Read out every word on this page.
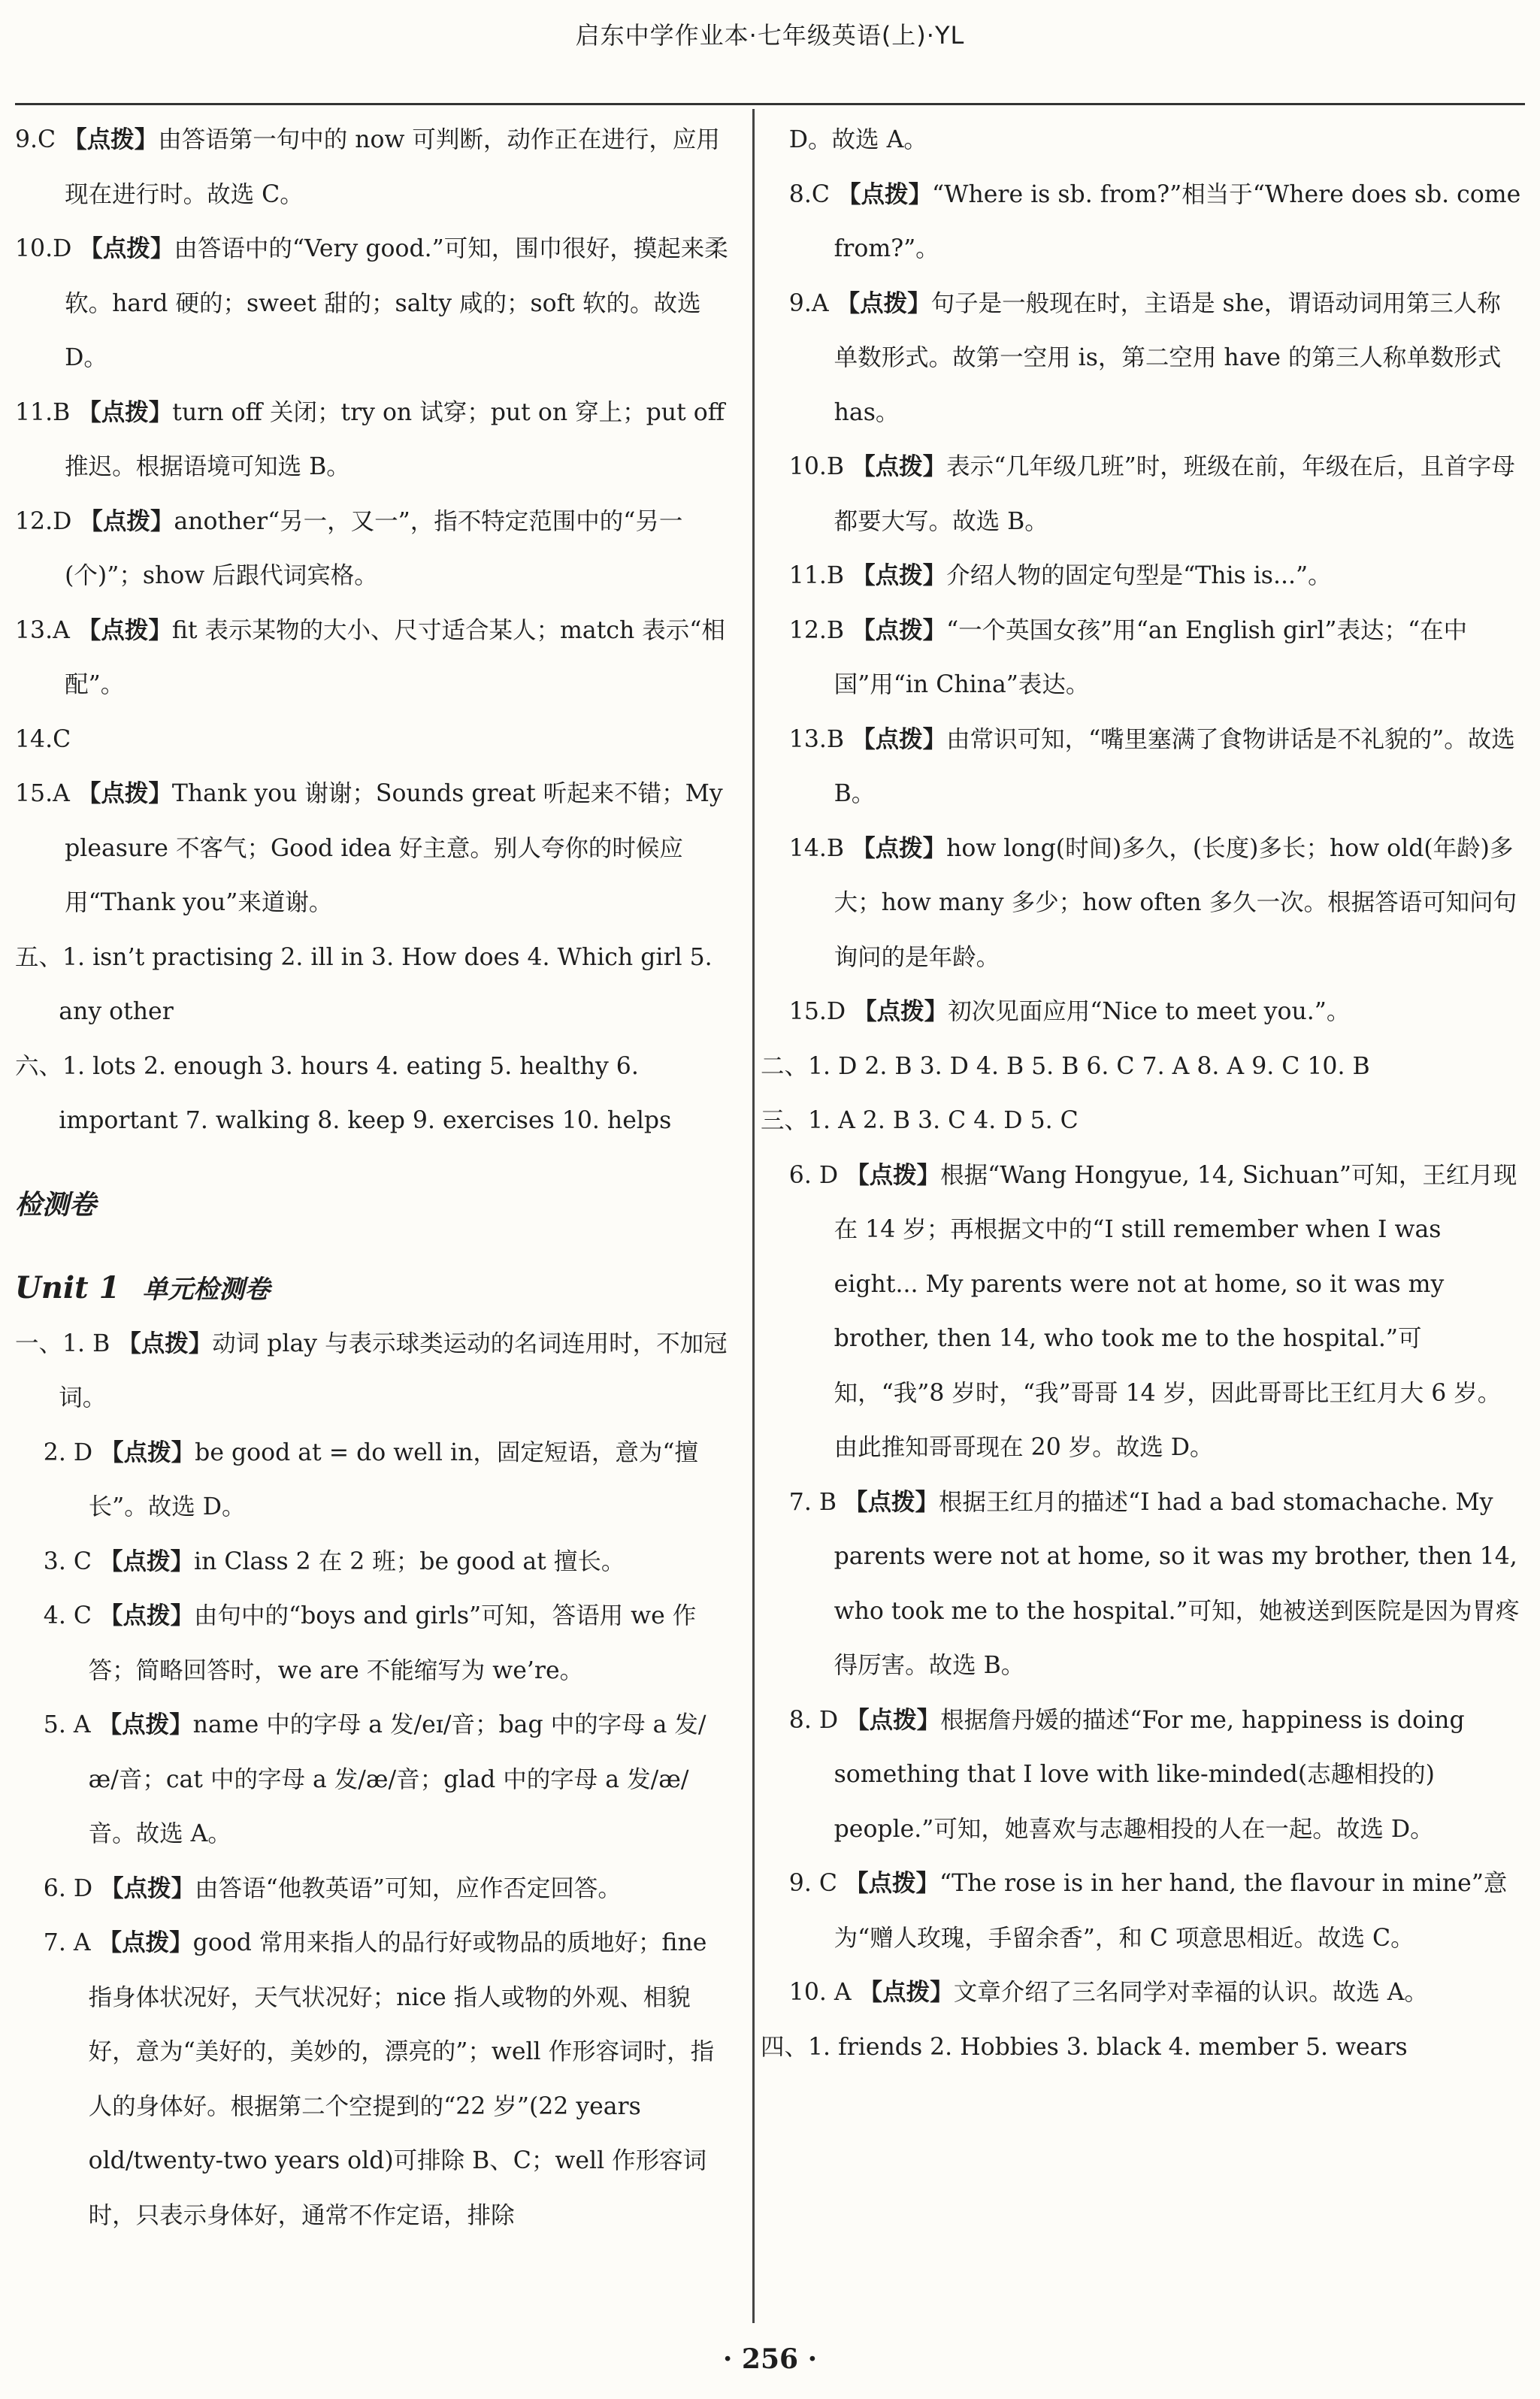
启东中学作业本·七年级英语(上)·YL

9.C 【点拨】由答语第一句中的 now 可判断，动作正在进行，应用现在进行时。故选 C。

10.D 【点拨】由答语中的“Very good.”可知，围巾很好，摸起来柔软。hard 硬的；sweet 甜的；salty 咸的；soft 软的。故选 D。

11.B 【点拨】turn off 关闭；try on 试穿；put on 穿上；put off 推迟。根据语境可知选 B。

12.D 【点拨】another“另一，又一”，指不特定范围中的“另一(个)”；show 后跟代词宾格。

13.A 【点拨】fit 表示某物的大小、尺寸适合某人；match 表示“相配”。

14.C

15.A 【点拨】Thank you 谢谢；Sounds great 听起来不错；My pleasure 不客气；Good idea 好主意。别人夸你的时候应用“Thank you”来道谢。

五、1. isn’t practising 2. ill in 3. How does 4. Which girl 5. any other

六、1. lots 2. enough 3. hours 4. eating 5. healthy 6. important 7. walking 8. keep 9. exercises 10. helps

检测卷
Unit 1 单元检测卷

一、1. B 【点拨】动词 play 与表示球类运动的名词连用时，不加冠词。

2. D 【点拨】be good at = do well in，固定短语，意为“擅长”。故选 D。

3. C 【点拨】in Class 2 在 2 班；be good at 擅长。

4. C 【点拨】由句中的“boys and girls”可知，答语用 we 作答；简略回答时，we are 不能缩写为 we’re。

5. A 【点拨】name 中的字母 a 发/eɪ/音；bag 中的字母 a 发/æ/音；cat 中的字母 a 发/æ/音；glad 中的字母 a 发/æ/音。故选 A。

6. D 【点拨】由答语“他教英语”可知，应作否定回答。

7. A 【点拨】good 常用来指人的品行好或物品的质地好；fine 指身体状况好，天气状况好；nice 指人或物的外观、相貌好，意为“美好的，美妙的，漂亮的”；well 作形容词时，指人的身体好。根据第二个空提到的“22 岁”(22 years old/twenty-two years old)可排除 B、C；well 作形容词时，只表示身体好，通常不作定语，排除

D。故选 A。

8.C 【点拨】“Where is sb. from?”相当于“Where does sb. come from?”。

9.A 【点拨】句子是一般现在时，主语是 she，谓语动词用第三人称单数形式。故第一空用 is，第二空用 have 的第三人称单数形式 has。

10.B 【点拨】表示“几年级几班”时，班级在前，年级在后，且首字母都要大写。故选 B。

11.B 【点拨】介绍人物的固定句型是“This is...”。

12.B 【点拨】“一个英国女孩”用“an English girl”表达；“在中国”用“in China”表达。

13.B 【点拨】由常识可知，“嘴里塞满了食物讲话是不礼貌的”。故选 B。

14.B 【点拨】how long(时间)多久，(长度)多长；how old(年龄)多大；how many 多少；how often 多久一次。根据答语可知问句询问的是年龄。

15.D 【点拨】初次见面应用“Nice to meet you.”。

二、1. D 2. B 3. D 4. B 5. B 6. C 7. A 8. A 9. C 10. B

三、1. A 2. B 3. C 4. D 5. C

6. D 【点拨】根据“Wang Hongyue, 14, Sichuan”可知，王红月现在 14 岁；再根据文中的“I still remember when I was eight... My parents were not at home, so it was my brother, then 14, who took me to the hospital.”可知，“我”8 岁时，“我”哥哥 14 岁，因此哥哥比王红月大 6 岁。由此推知哥哥现在 20 岁。故选 D。

7. B 【点拨】根据王红月的描述“I had a bad stomachache. My parents were not at home, so it was my brother, then 14, who took me to the hospital.”可知，她被送到医院是因为胃疼得厉害。故选 B。

8. D 【点拨】根据詹丹媛的描述“For me, happiness is doing something that I love with like-minded(志趣相投的) people.”可知，她喜欢与志趣相投的人在一起。故选 D。

9. C 【点拨】“The rose is in her hand, the flavour in mine”意为“赠人玫瑰，手留余香”，和 C 项意思相近。故选 C。

10. A 【点拨】文章介绍了三名同学对幸福的认识。故选 A。

四、1. friends 2. Hobbies 3. black 4. member 5. wears

· 256 ·
